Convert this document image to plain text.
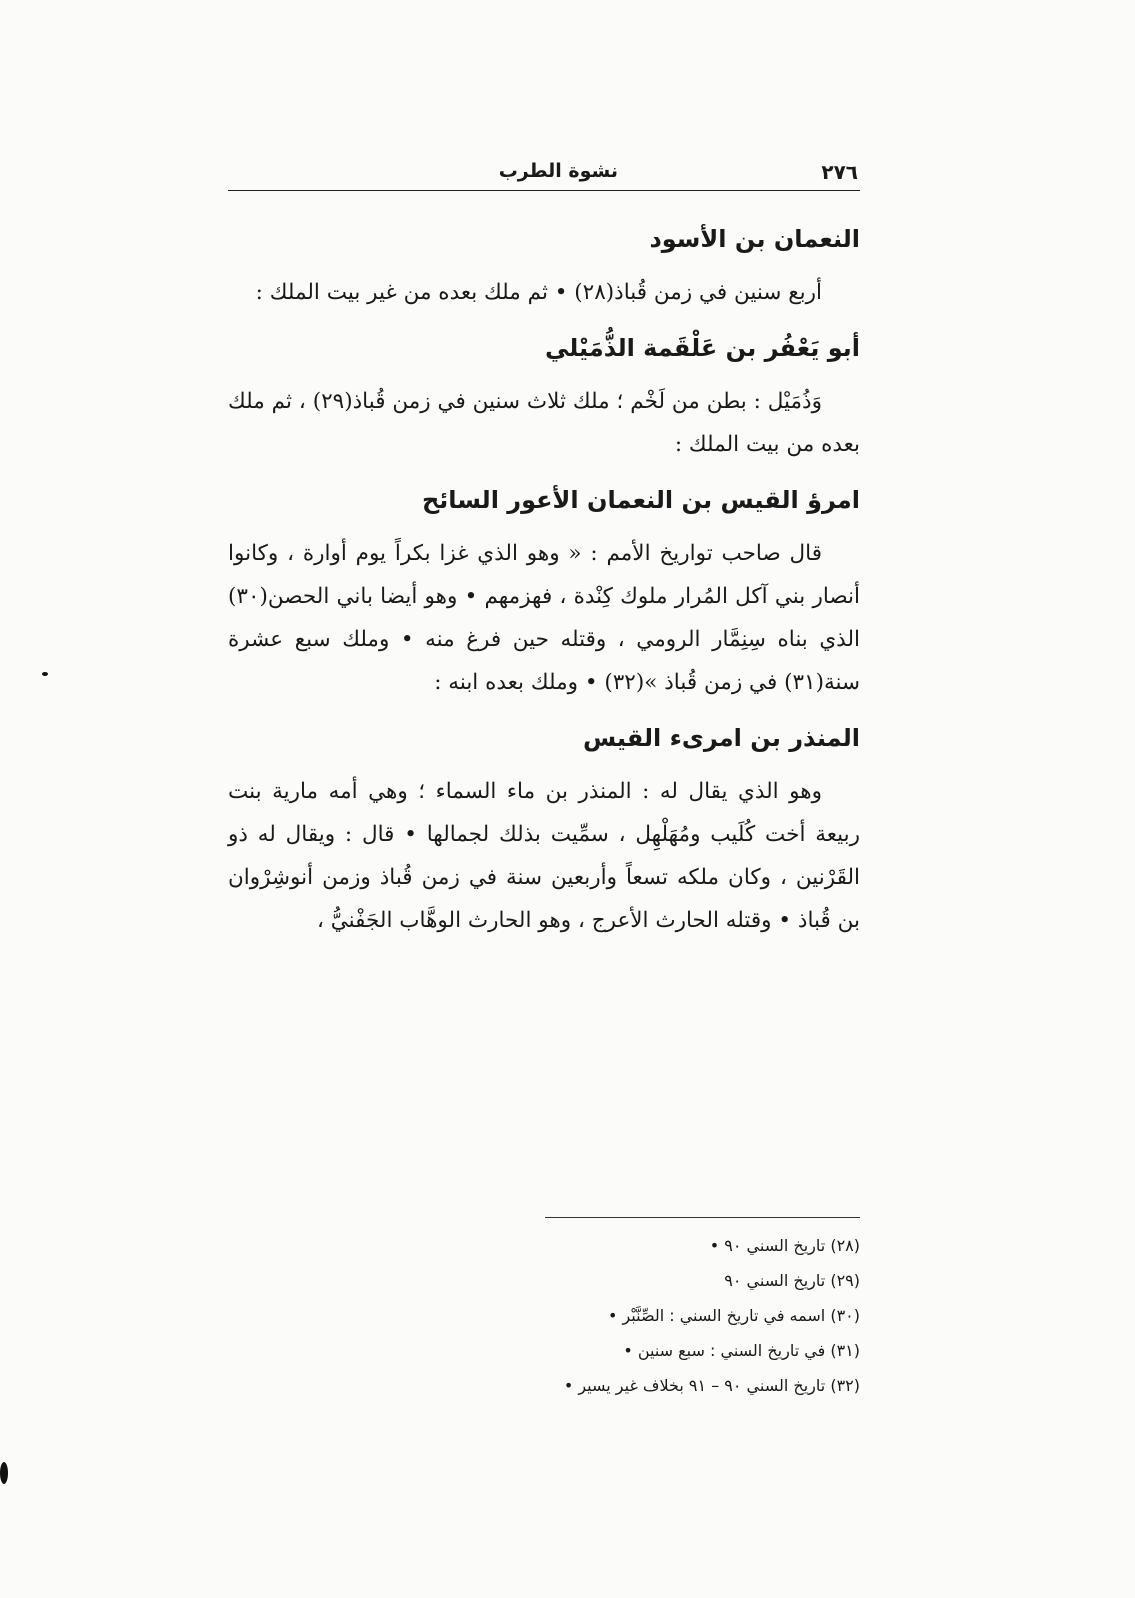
٢٧٦
نشوة الطرب
النعمان بن الأسود

أربع سنين في زمن قُباذ(٢٨) • ثم ملك بعده من غير بيت الملك :

أبو يَعْفُر بن عَلْقَمة الذُّمَيْلي

وَذُمَيْل : بطن من لَخْم ؛ ملك ثلاث سنين في زمن قُباذ(٢٩) ، ثم ملك بعده من بيت الملك :

امرؤ القيس بن النعمان الأعور السائح

قال صاحب تواريخ الأمم : « وهو الذي غزا بكراً يوم أوارة ، وكانوا أنصار بني آكل المُرار ملوك كِنْدة ، فهزمهم • وهو أيضا باني الحصن(٣٠) الذي بناه سِنِمَّار الرومي ، وقتله حين فرغ منه • وملك سبع عشرة سنة(٣١) في زمن قُباذ »(٣٢) • وملك بعده ابنه :

المنذر بن امرىء القيس

وهو الذي يقال له : المنذر بن ماء السماء ؛ وهي أمه مارية بنت ربيعة أخت كُلَيب ومُهَلْهِل ، سمِّيت بذلك لجمالها • قال : ويقال له ذو القَرْنين ، وكان ملكه تسعاً وأربعين سنة في زمن قُباذ وزمن أنوشِرْوان بن قُباذ • وقتله الحارث الأعرج ، وهو الحارث الوهَّاب الجَفْنيُّ ،

(٢٨) تاريخ السني ٩٠ •
(٢٩) تاريخ السني ٩٠
(٣٠) اسمه في تاريخ السني : الصِّنَّبْر •
(٣١) في تاريخ السني : سبع سنين •
(٣٢) تاريخ السني ٩٠ – ٩١ بخلاف غير يسير •
